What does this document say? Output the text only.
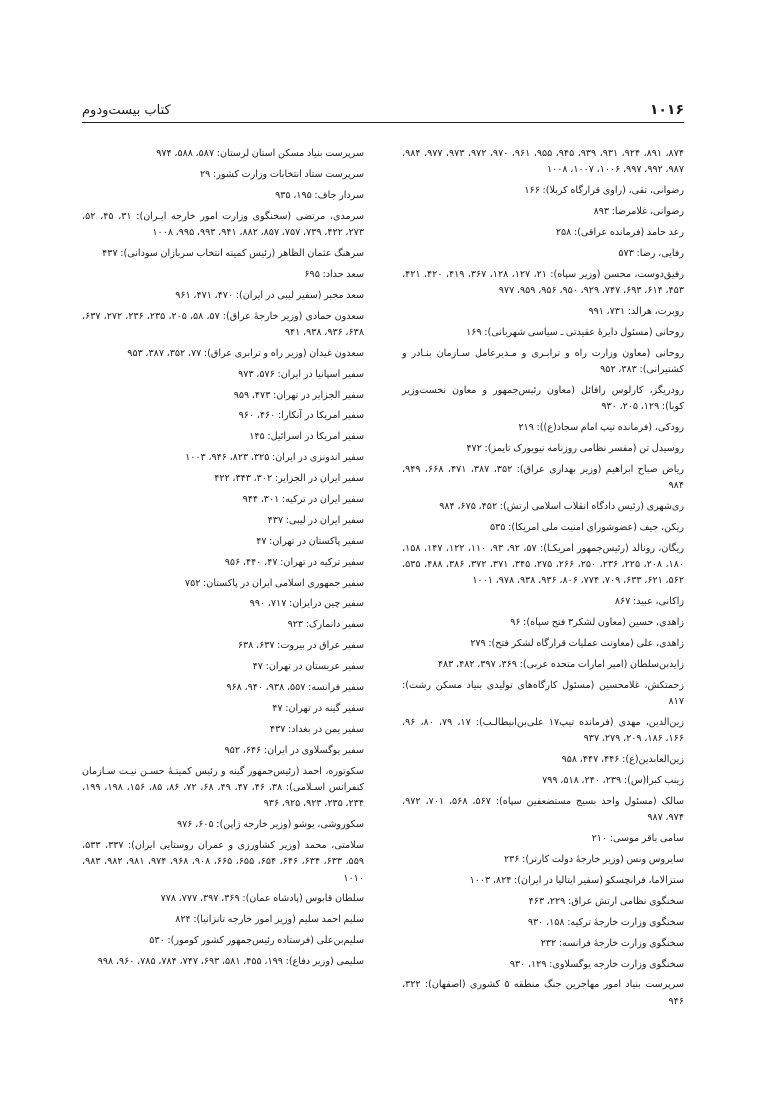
۱۰۱۶
کتاب بیست‌ودوم

۸۷۴، ۸۹۱، ۹۲۴، ۹۳۱، ۹۳۹، ۹۴۵، ۹۵۵، ۹۶۱، ۹۷۰، ۹۷۲، ۹۷۳، ۹۷۷، ۹۸۴، ۹۸۷، ۹۹۲، ۹۹۷، ۱۰۰۶، ۱۰۰۷، ۱۰۰۸

رضوانی، تقی، (راوی قرارگاه کربلا): ۱۶۶

رضوانی، غلامرضا: ۸۹۳

رعد حامد (فرمانده عراقی): ۲۵۸

رفایی، رضا: ۵۷۳

رفیق‌دوست، محسن (وزیر سپاه): ۲۱، ۱۲۷، ۱۲۸، ۳۶۷، ۴۱۹، ۴۲۰، ۴۲۱، ۴۵۳، ۶۱۴، ۶۹۳، ۷۴۷، ۹۲۹، ۹۵۰، ۹۵۶، ۹۵۹، ۹۷۷

روبرت، هرالد: ۷۳۱، ۹۹۱

روحانی (مسئول دایرهٔ عقیدتی ـ سیاسی شهربانی): ۱۶۹

روحانی (معاون وزارت راه و ترابـری و مـدیرعامل سـازمان بنـادر و کشتیرانی): ۳۸۳، ۹۵۲

رودریگز، کارلوس رافائل (معاون رئیس‌جمهور و معاون نخست‌وزیر کوبا): ۱۲۹، ۲۰۵، ۹۳۰

رودکی، (فرمانده تیپ امام سجاد(ع)): ۲۱۹

روسیدل تن (مفسر نظامی روزنامه نیویورک تایمز): ۴۷۲

ریاض صباح ابراهیم (وزیر بهداری عراق): ۳۵۲، ۳۸۷، ۴۷۱، ۶۶۸، ۹۴۹، ۹۸۴

ری‌شهری (رئیس دادگاه انقلاب اسلامی ارتش): ۴۵۲، ۶۷۵، ۹۸۴

ریکن، جیف (عضوشورای امنیت ملی امریکا): ۵۳۵

ریگان، رونالد (رئیس‌جمهور امریکـا): ۵۷، ۹۲، ۹۳، ۱۱۰، ۱۲۲، ۱۴۷، ۱۵۸، ۱۸۰، ۲۰۸، ۲۲۵، ۲۳۶، ۲۵۰، ۲۶۶، ۲۷۵، ۳۴۵، ۳۷۱، ۳۷۲، ۳۸۶، ۴۸۸، ۵۳۵، ۵۶۲، ۶۲۱، ۶۳۳، ۷۰۹، ۷۷۴، ۸۰۶، ۹۳۶، ۹۳۸، ۹۷۸، ۱۰۰۱

زاکانی، عبید: ۸۶۷

زاهدی، حسین (معاون لشکر۳ فتح سپاه): ۹۶

زاهدی، علی (معاونت عملیات قرارگاه لشکر فتح): ۲۷۹

زایدبن‌سلطان (امیر امارات متحده عربی): ۳۶۹، ۳۹۷، ۴۸۲، ۴۸۳

زحمتکش، غلامحسین (مسئول کارگاه‌های تولیدی بنیاد مسکن رشت): ۸۱۷

زین‌الدین، مهدی (فرمانده تیپ۱۷ علی‌بن‌ابیطالـب): ۱۷، ۷۹، ۸۰، ۹۶، ۱۶۶، ۱۸۶، ۲۰۹، ۲۷۹، ۹۳۷

زین‌العابدین(ع): ۴۴۶، ۴۴۷، ۹۵۸

زینب کبرا(س): ۲۳۹، ۲۴۰، ۵۱۸، ۷۹۹

سالک (مسئول واحد بسیج مستضعفین سپاه): ۵۶۷، ۵۶۸، ۷۰۱، ۹۷۲، ۹۷۴، ۹۸۷

سامی باقر موسی: ۲۱۰

سایروس ونس (وزیر خارجهٔ دولت کارتر): ۲۳۶

ستزالاما، فرانچسکو (سفیر ایتالیا در ایران): ۸۲۴، ۱۰۰۳

سخنگوی نظامی ارتش عراق: ۲۲۹، ۴۶۳

سخنگوی وزارت خارجهٔ ترکیه: ۱۵۸، ۹۳۰

سخنگوی وزارت خارجهٔ فرانسه: ۲۳۲

سخنگوی وزارت خارجه یوگسلاوی: ۱۲۹، ۹۳۰

سرپرست بنیاد امور مهاجرین جنگ منطقه ۵ کشوری (اصفهان): ۳۲۲، ۹۴۶

سرپرست بنیاد مسکن استان لرستان: ۵۸۷، ۵۸۸، ۹۷۴

سرپرست ستاد انتخابات وزارت کشور: ۲۹

سردار جاف: ۱۹۵، ۹۳۵

سرمدی، مرتضی (سخنگوی وزارت امور خارجه ایـران): ۳۱، ۴۵، ۵۲، ۲۷۳، ۴۲۲، ۷۳۹، ۷۵۷، ۸۵۷، ۸۸۲، ۹۴۱، ۹۹۳، ۹۹۵، ۱۰۰۸

سرهنگ عثمان الظاهر (رئیس کمیته انتخاب سربازان سودانی): ۴۳۷

سعد حداد: ۶۹۵

سعد مجبر (سفیر لیبی در ایران): ۴۷۰، ۴۷۱، ۹۶۱

سعدون حمادی (وزیر خارجهٔ عراق): ۵۷، ۵۸، ۲۰۵، ۲۳۵، ۲۳۶، ۲۷۲، ۶۳۷، ۶۳۸، ۹۳۶، ۹۳۸، ۹۴۱

سعدون غیدان (وزیر راه و ترابری عراق): ۷۷، ۳۵۲، ۳۸۷، ۹۵۳

سفیر اسپانیا در ایران: ۵۷۶، ۹۷۳

سفیر الجزایر در تهران: ۴۷۳، ۹۵۹

سفیر امریکا در آنکارا: ۴۶۰، ۹۶۰

سفیر امریکا در اسرائیل: ۱۴۵

سفیر اندونزی در ایران: ۳۲۵، ۸۲۳، ۹۴۶، ۱۰۰۳

سفیر ایران در الجزایر: ۳۰۲، ۳۴۳، ۴۲۲

سفیر ایران در ترکیه: ۳۰۱، ۹۴۴

سفیر ایران در لیبی: ۴۳۷

سفیر پاکستان در تهران: ۴۷

سفیر ترکیه در تهران: ۴۷، ۴۴۰، ۹۵۶

سفیر جمهوری اسلامی ایران در پاکستان: ۷۵۲

سفیر چین درایران: ۷۱۷، ۹۹۰

سفیر دانمارک: ۹۲۳

سفیر عراق در بیروت: ۶۳۷، ۶۳۸

سفیر عربستان در تهران: ۴۷

سفیر فرانسه: ۵۵۷، ۹۳۸، ۹۴۰، ۹۶۸

سفیر گینه در تهران: ۴۷

سفیر یمن در بغداد: ۴۳۷

سفیر یوگسلاوی در ایران: ۶۴۶، ۹۵۲

سکوتوره، احمد (رئیس‌جمهور گینه و رئیس کمیتـهٔ حسـن نیـت سـازمان کنفرانس اسـلامی): ۳۸، ۴۶، ۴۷، ۴۹، ۶۸، ۷۲، ۸۶، ۸۵، ۱۵۶، ۱۹۸، ۱۹۹، ۲۳۴، ۲۳۵، ۹۲۳، ۹۲۵، ۹۳۶

سکوروشی، یوشو (وزیر خارجه ژاپن): ۶۰۵، ۹۷۶

سلامتی، محمد (وزیر کشاورزی و عمران روستایی ایران): ۳۳۷، ۵۳۳، ۵۵۹، ۶۳۳، ۶۳۴، ۶۴۶، ۶۵۴، ۶۵۵، ۶۶۵، ۹۰۸، ۹۶۸، ۹۷۴، ۹۸۱، ۹۸۲، ۹۸۳، ۱۰۱۰

سلطان قابوس (پادشاه عمان): ۳۶۹، ۳۹۷، ۷۷۷، ۷۷۸

سلیم احمد سلیم (وزیر امور خارجه تانزانیا): ۸۲۴

سلیم‌بن‌علی (فرستاده رئیس‌جمهور کشور کومور): ۵۳۰

سلیمی (وزیر دفاع): ۱۹۹، ۴۵۵، ۵۸۱، ۶۹۳، ۷۴۷، ۷۸۴، ۷۸۵، ۹۶۰، ۹۹۸
